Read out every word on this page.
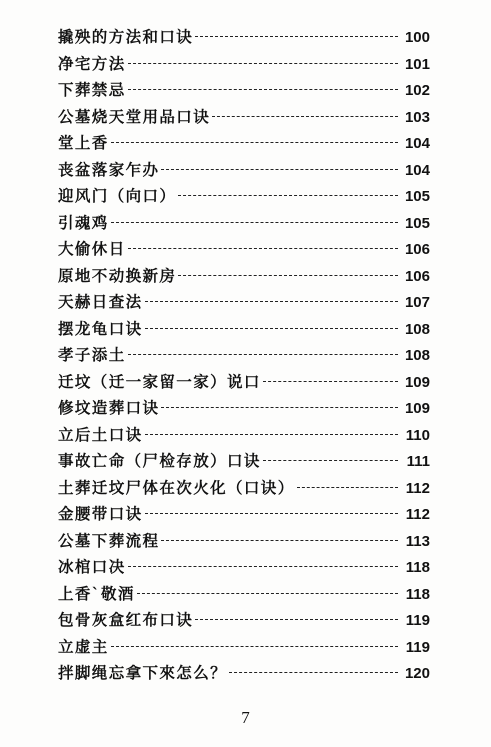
撬殃的方法和口诀	100
净宅方法	101
下葬禁忌	102
公墓烧天堂用品口诀	103
堂上香	104
丧盆落家乍办	104
迎风门（向口）	105
引魂鸡	105
大偷休日	106
原地不动换新房	106
天赫日查法	107
摆龙龟口诀	108
孝子添土	108
迁坟（迁一家留一家）说口	109
修坟造葬口诀	109
立后土口诀	110
事故亡命（尸检存放）口诀	111
土葬迁坟尸体在次火化（口诀）	112
金腰带口诀	112
公墓下葬流程	113
冰棺口决	118
上香`敬酒	118
包骨灰盒红布口诀	119
立虚主	119
拌脚绳忘拿下來怎么？	120
7
